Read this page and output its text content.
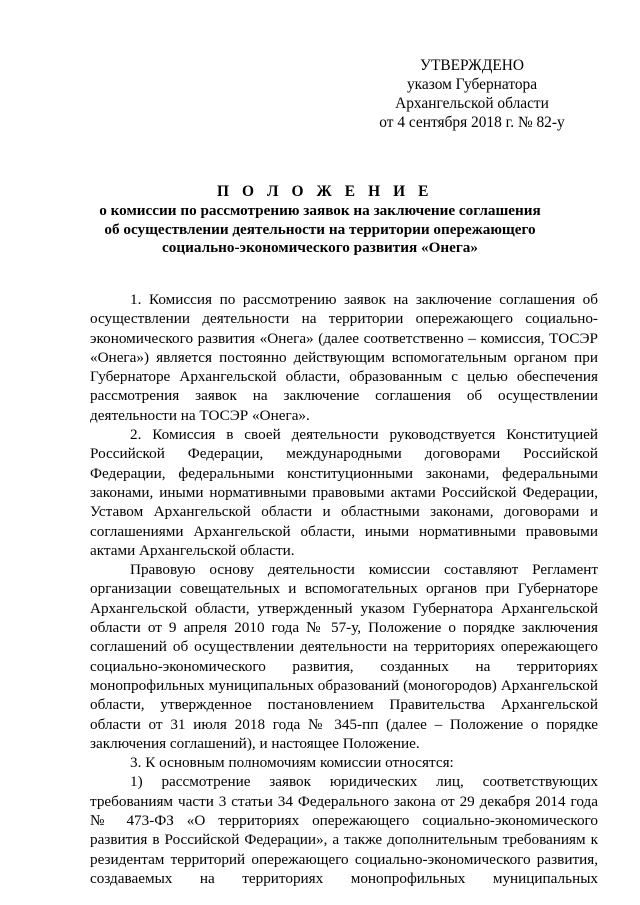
УТВЕРЖДЕНО
указом Губернатора
Архангельской области
от 4 сентября 2018 г. № 82-у
П О Л О Ж Е Н И Е
о комиссии по рассмотрению заявок на заключение соглашения
об осуществлении деятельности на территории опережающего
социально-экономического развития «Онега»

1. Комиссия по рассмотрению заявок на заключение соглашения об осуществлении деятельности на территории опережающего социально-экономического развития «Онега» (далее соответственно – комиссия, ТОСЭР «Онега») является постоянно действующим вспомогательным органом при Губернаторе Архангельской области, образованным с целью обеспечения рассмотрения заявок на заключение соглашения об осуществлении деятельности на ТОСЭР «Онега».

2. Комиссия в своей деятельности руководствуется Конституцией Российской Федерации, международными договорами Российской Федерации, федеральными конституционными законами, федеральными законами, иными нормативными правовыми актами Российской Федерации, Уставом Архангельской области и областными законами, договорами и соглашениями Архангельской области, иными нормативными правовыми актами Архангельской области.

Правовую основу деятельности комиссии составляют Регламент организации совещательных и вспомогательных органов при Губернаторе Архангельской области, утвержденный указом Губернатора Архангельской области от 9 апреля 2010 года № 57-у, Положение о порядке заключения соглашений об осуществлении деятельности на территориях опережающего социально-экономического развития, созданных на территориях монопрофильных муниципальных образований (моногородов) Архангельской области, утвержденное постановлением Правительства Архангельской области от 31 июля 2018 года № 345-пп (далее – Положение о порядке заключения соглашений), и настоящее Положение.

3. К основным полномочиям комиссии относятся:

1) рассмотрение заявок юридических лиц, соответствующих требованиям части 3 статьи 34 Федерального закона от 29 декабря 2014 года № 473-ФЗ «О территориях опережающего социально-экономического развития в Российской Федерации», а также дополнительным требованиям к резидентам территорий опережающего социально-экономического развития, создаваемых на территориях монопрофильных муниципальных
